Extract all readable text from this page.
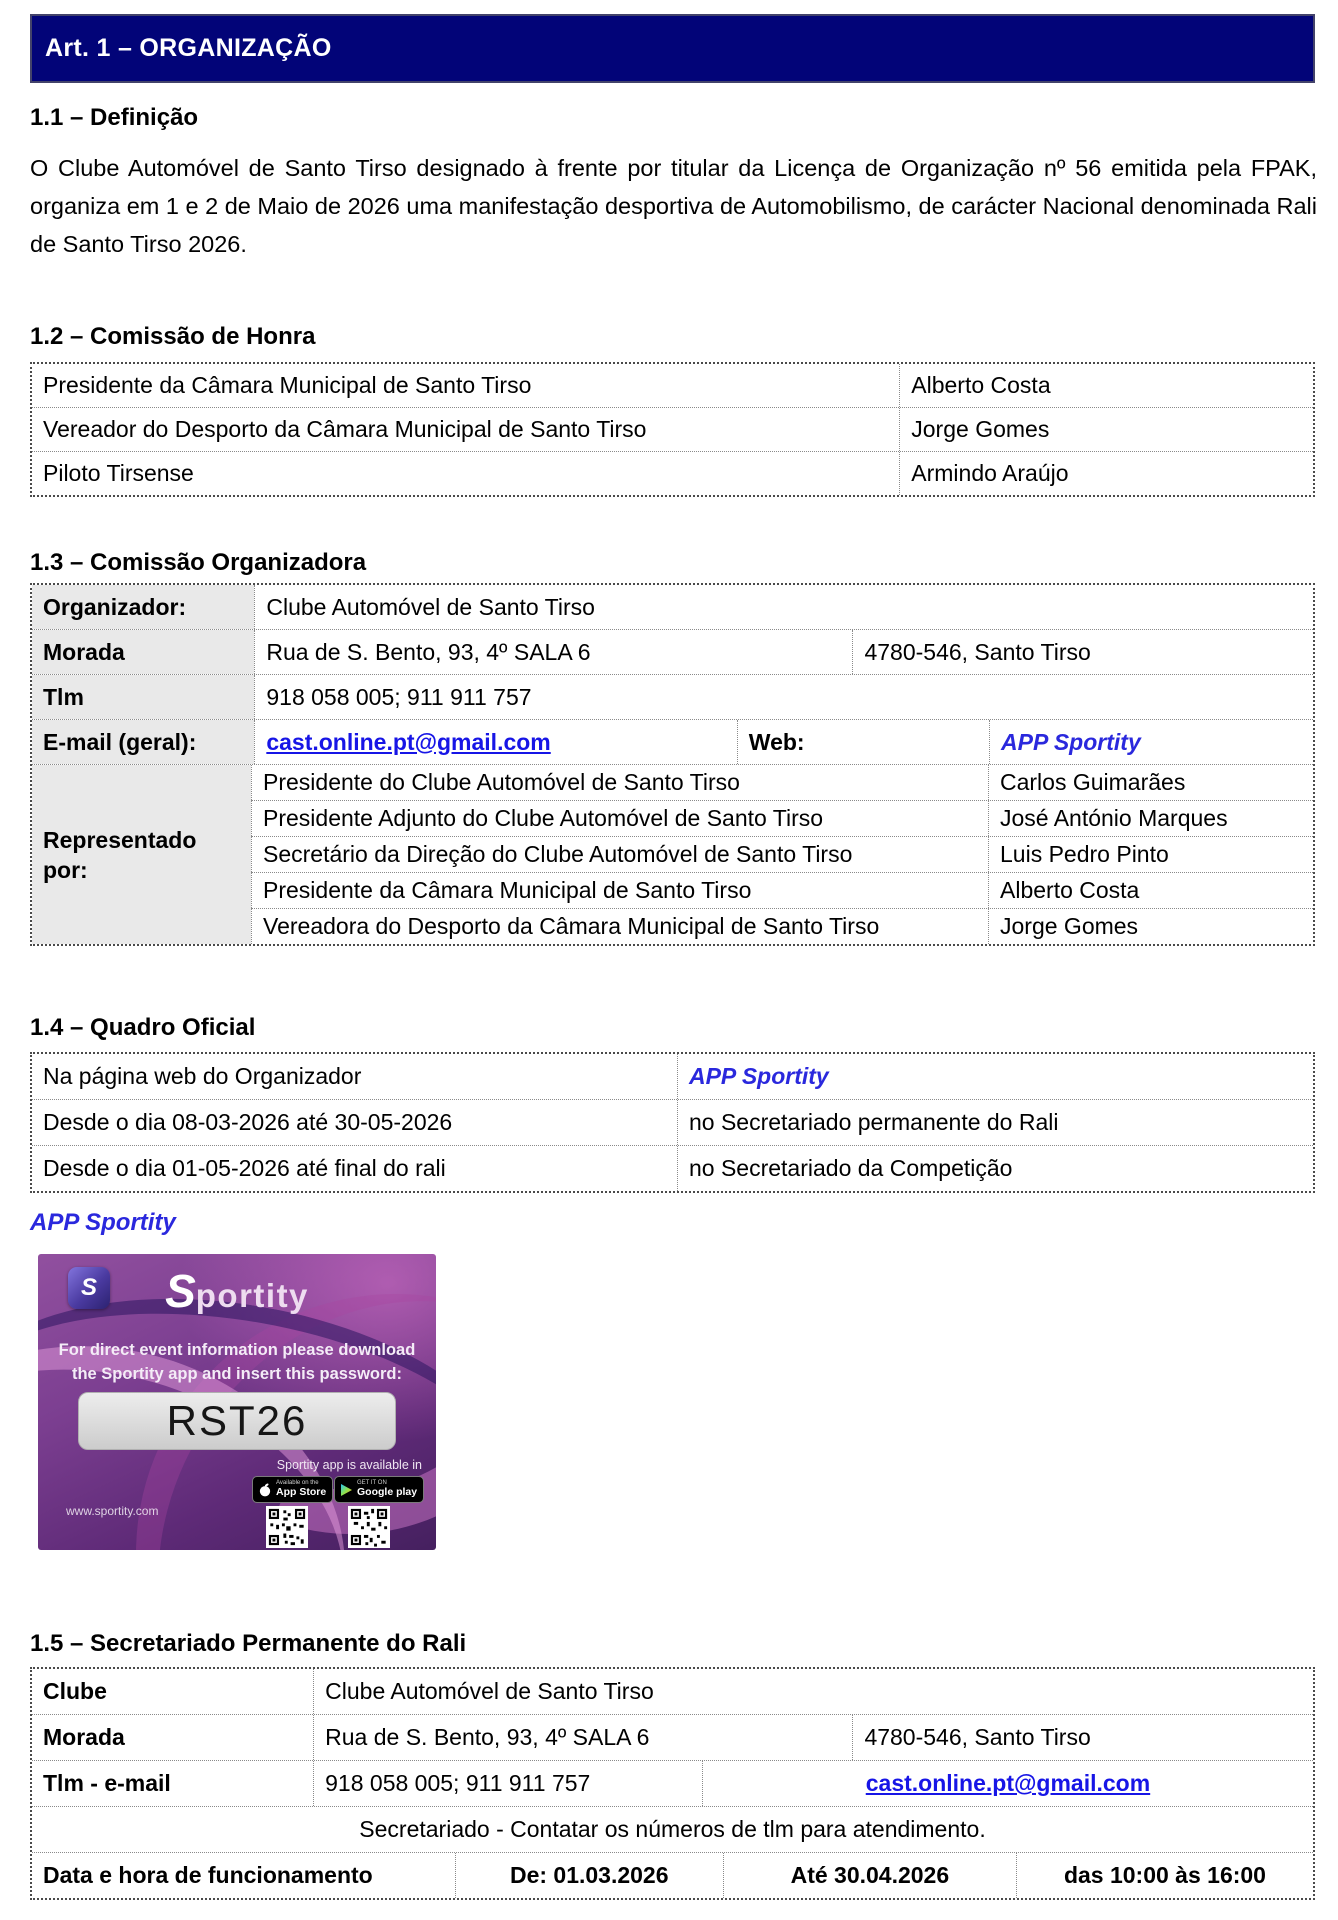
Art. 1 – ORGANIZAÇÃO
1.1 – Definição
O Clube Automóvel de Santo Tirso designado à frente por titular da Licença de Organização nº 56 emitida pela FPAK, organiza em 1 e 2 de Maio de 2026 uma manifestação desportiva de Automobilismo, de carácter Nacional denominada Rali de Santo Tirso 2026.
1.2 – Comissão de Honra
Presidente da Câmara Municipal de Santo Tirso	Alberto Costa
Vereador do Desporto da Câmara Municipal de Santo Tirso	Jorge Gomes
Piloto Tirsense	Armindo Araújo
1.3 – Comissão Organizadora
Organizador:	Clube Automóvel de Santo Tirso
Morada	Rua de S. Bento, 93, 4º SALA 6	4780-546, Santo Tirso
Tlm	918 058 005; 911 911 757
E-mail (geral):	cast.online.pt@gmail.com	Web:	APP Sportity
Representado por:
Presidente do Clube Automóvel de Santo Tirso	Carlos Guimarães
Presidente Adjunto do Clube Automóvel de Santo Tirso	José António Marques
Secretário da Direção do Clube Automóvel de Santo Tirso	Luis Pedro Pinto
Presidente da Câmara Municipal de Santo Tirso	Alberto Costa
Vereadora do Desporto da Câmara Municipal de Santo Tirso	Jorge Gomes
1.4 – Quadro Oficial
Na página web do Organizador	APP Sportity
Desde o dia 08-03-2026 até 30-05-2026	no Secretariado permanente do Rali
Desde o dia 01-05-2026 até final do rali	no Secretariado da Competição
APP Sportity
S	Sportity
For direct event information please download
the Sportity app and insert this password:
RST26
Sportity app is available in
Available on the
App Store
GET IT ON
Google play
www.sportity.com
1.5 – Secretariado Permanente do Rali
Clube	Clube Automóvel de Santo Tirso
Morada	Rua de S. Bento, 93, 4º SALA 6	4780-546, Santo Tirso
Tlm - e-mail	918 058 005; 911 911 757	cast.online.pt@gmail.com
Secretariado - Contatar os números de tlm para atendimento.
Data e hora de funcionamento	De: 01.03.2026	Até 30.04.2026	das 10:00 às 16:00
